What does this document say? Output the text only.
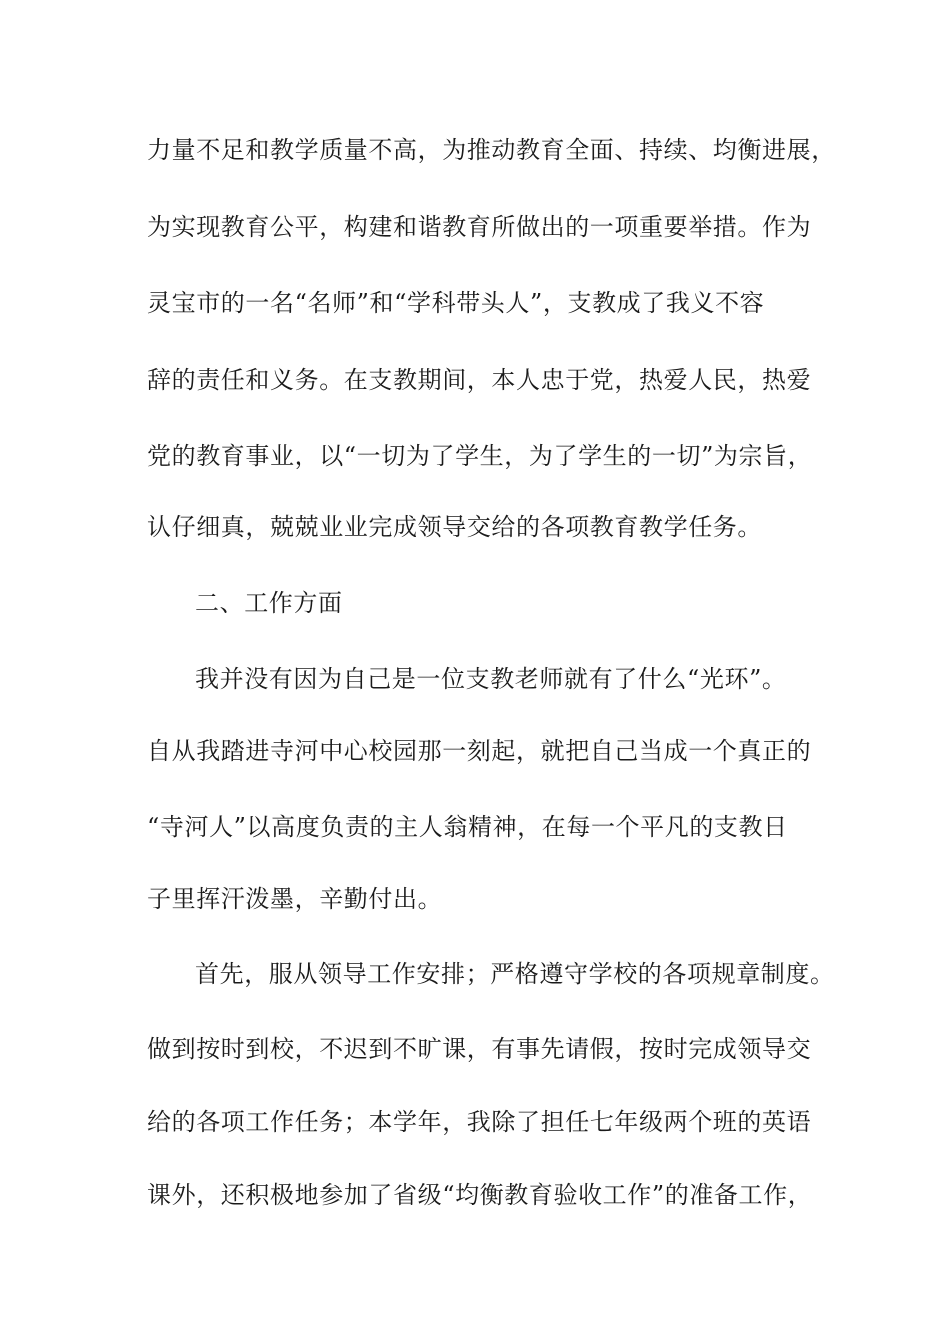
力量不足和教学质量不高，为推动教育全面、持续、均衡进展，
为实现教育公平，构建和谐教育所做出的一项重要举措。作为
灵宝市的一名“名师”和“学科带头人”，支教成了我义不容
辞的责任和义务。在支教期间，本人忠于党，热爱人民，热爱
党的教育事业，以“一切为了学生，为了学生的一切”为宗旨，
认仔细真，兢兢业业完成领导交给的各项教育教学任务。
二、工作方面
我并没有因为自己是一位支教老师就有了什么“光环”。
自从我踏进寺河中心校园那一刻起，就把自己当成一个真正的
“寺河人”以高度负责的主人翁精神，在每一个平凡的支教日
子里挥汗泼墨，辛勤付出。
首先，服从领导工作安排；严格遵守学校的各项规章制度。
做到按时到校，不迟到不旷课，有事先请假，按时完成领导交
给的各项工作任务；本学年，我除了担任七年级两个班的英语
课外，还积极地参加了省级“均衡教育验收工作”的准备工作，
